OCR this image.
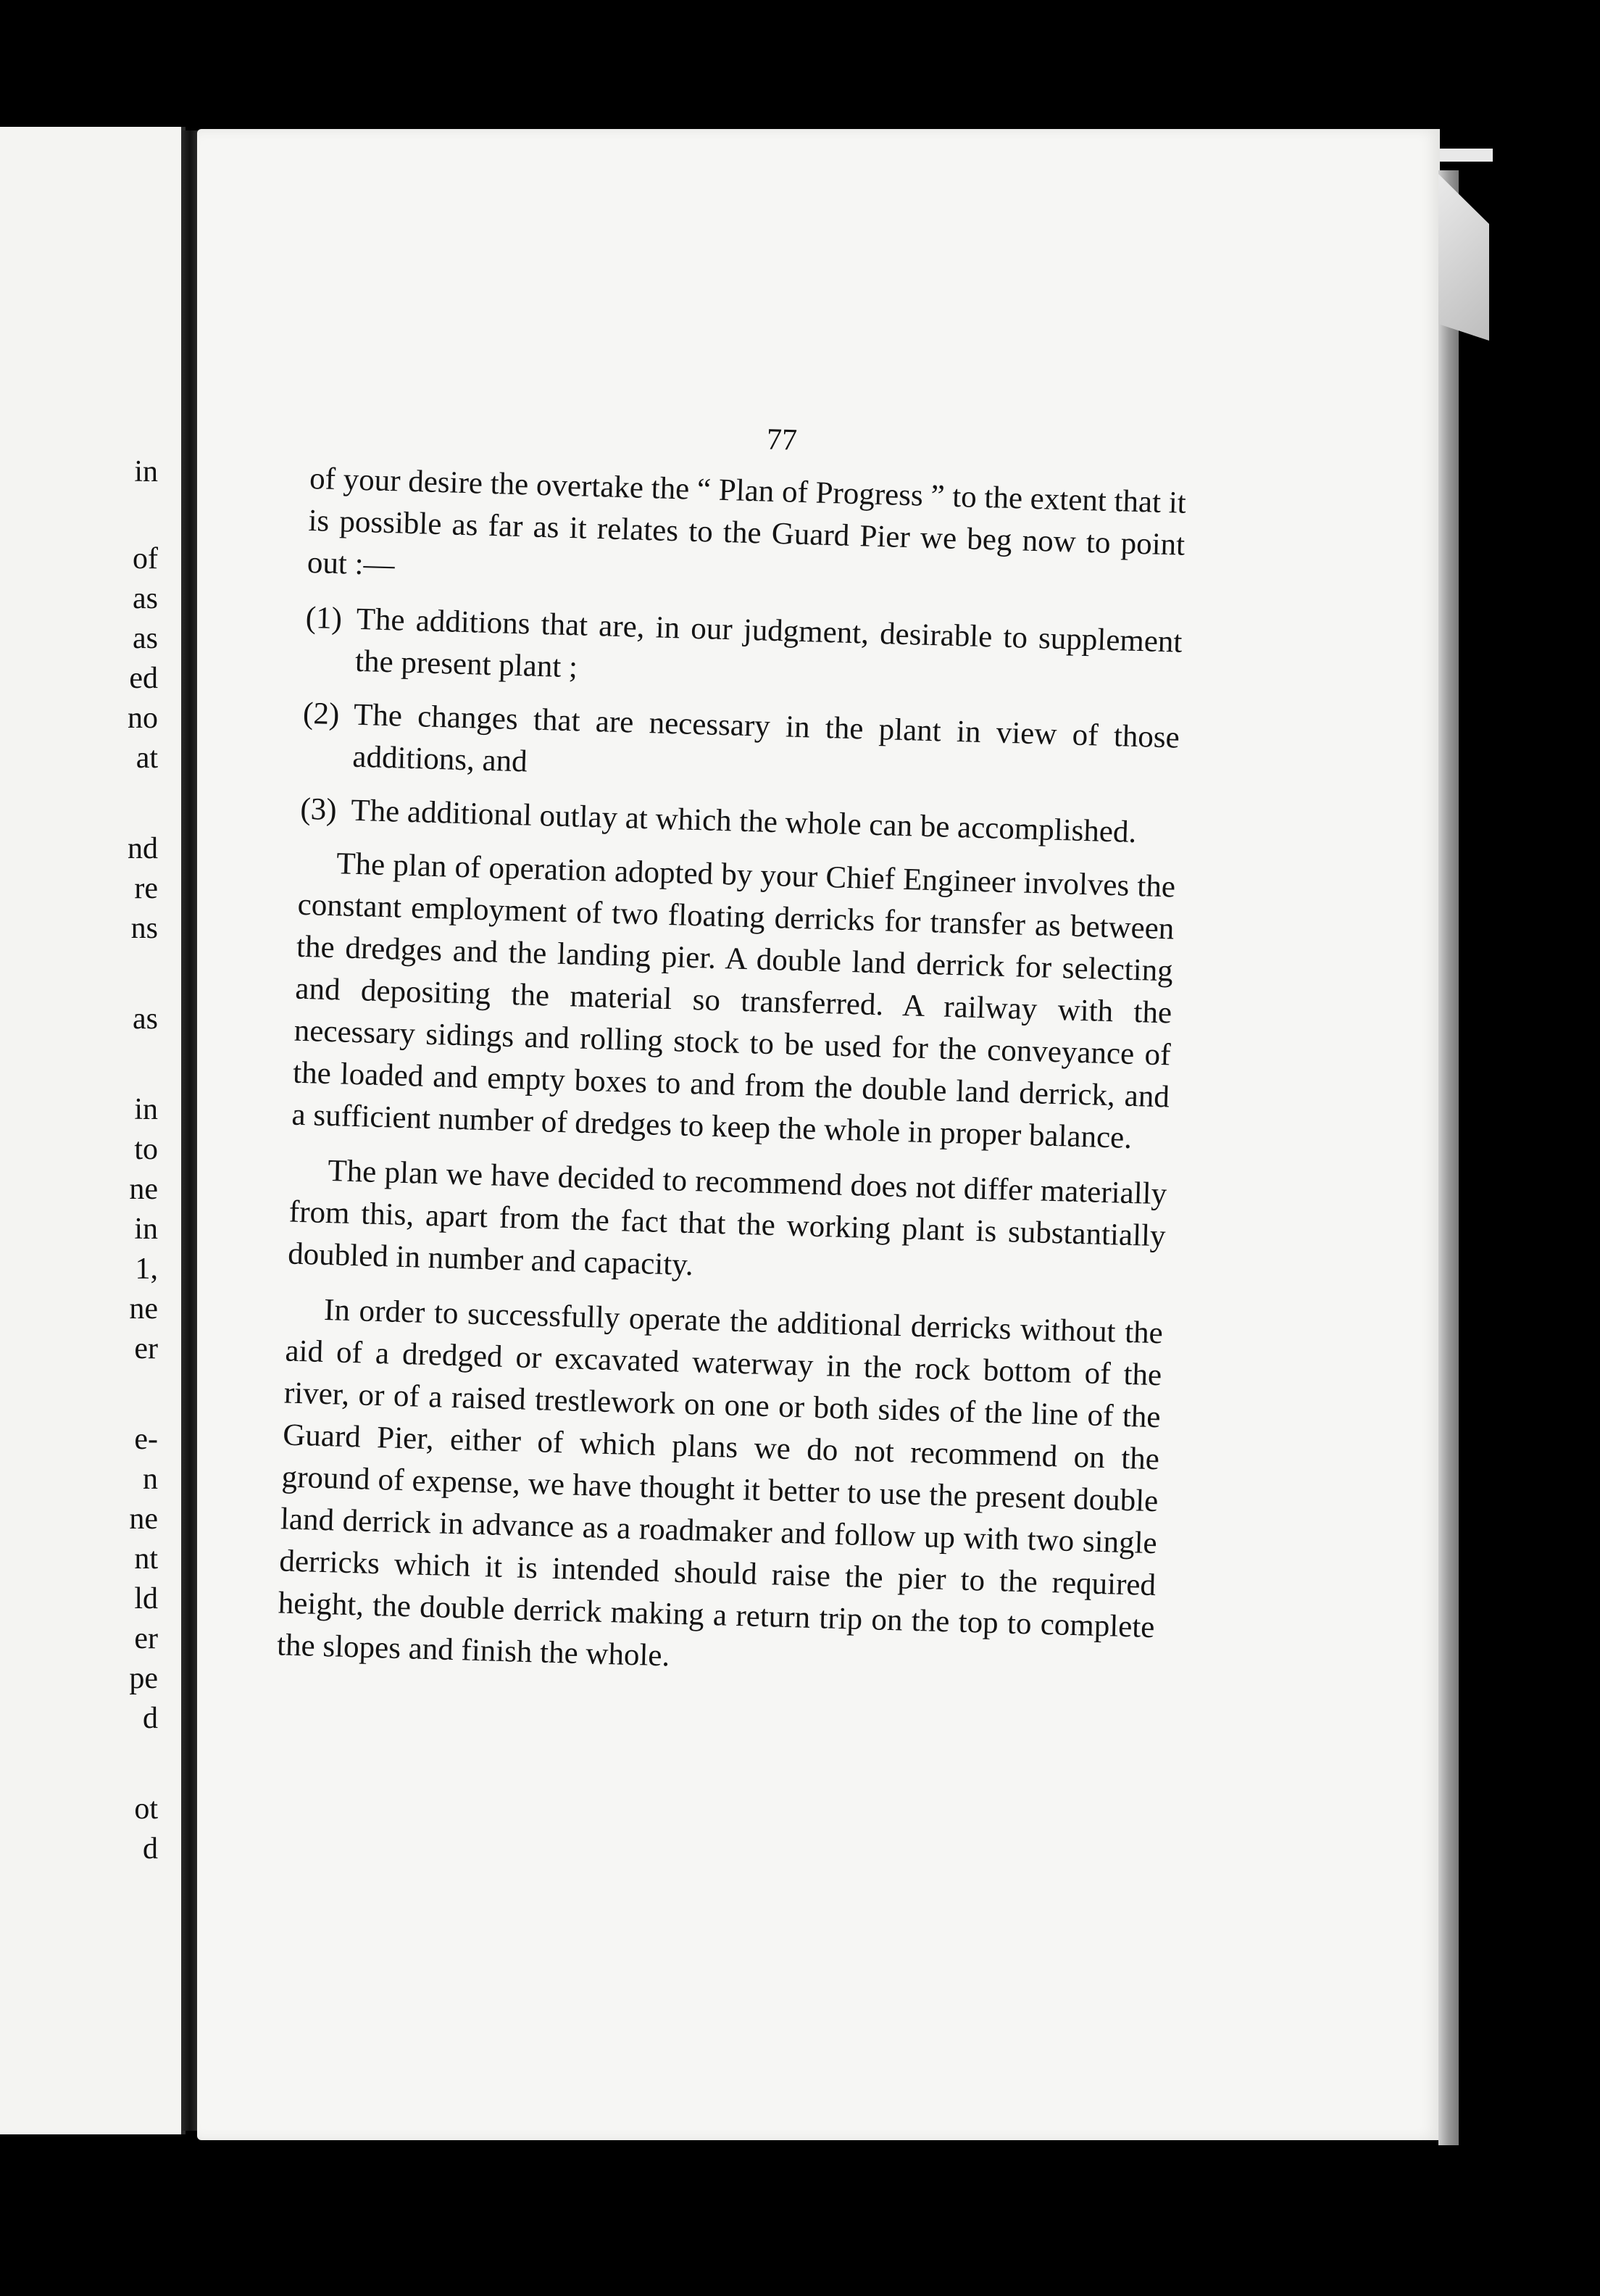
in
of
as
as
ed
no
at
nd
re
ns
as
in
to
ne
in
1,
ne
er
e-
n
ne
nt
ld
er
pe
d
ot
d
77

of your desire the overtake the “ Plan of Progress ” to the extent that it is possible as far as it relates to the Guard Pier we beg now to point out :—

(1) The additions that are, in our judgment, desirable to supplement the present plant ;
(2) The changes that are necessary in the plant in view of those additions, and
(3) The additional outlay at which the whole can be accomplished.

The plan of operation adopted by your Chief Engineer involves the constant employment of two floating derricks for transfer as between the dredges and the landing pier. A double land derrick for selecting and depositing the material so transferred. A railway with the necessary sidings and rolling stock to be used for the conveyance of the loaded and empty boxes to and from the double land derrick, and a sufficient number of dredges to keep the whole in proper balance.

The plan we have decided to recommend does not differ materially from this, apart from the fact that the working plant is substantially doubled in number and capacity.

In order to successfully operate the additional derricks without the aid of a dredged or excavated waterway in the rock bottom of the river, or of a raised trestlework on one or both sides of the line of the Guard Pier, either of which plans we do not recommend on the ground of expense, we have thought it better to use the present double land derrick in advance as a roadmaker and follow up with two single derricks which it is intended should raise the pier to the required height, the double derrick making a return trip on the top to complete the slopes and finish the whole.
